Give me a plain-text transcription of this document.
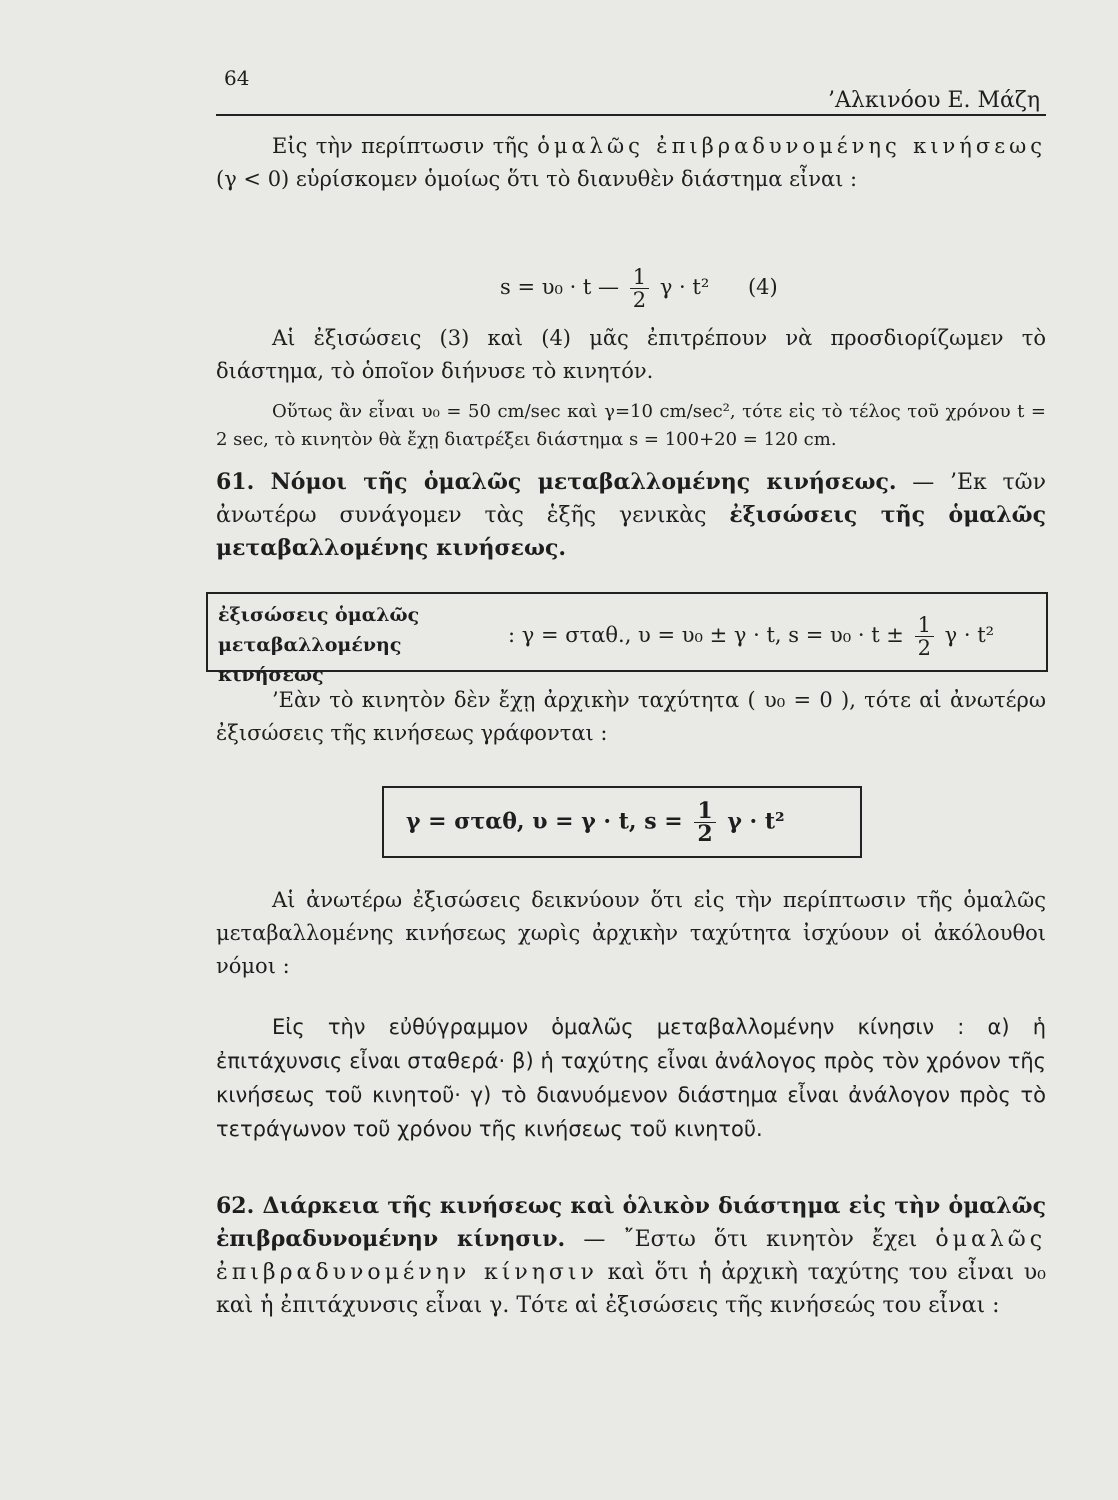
64
’Αλκινόου Ε. Μάζη
Εἰς τὴν περίπτωσιν τῆς ὁμαλῶς ἐπιβραδυνομένης κινήσεως (γ < 0) εὑρίσκομεν ὁμοίως ὅτι τὸ διανυθὲν διάστημα εἶναι :
s = υ₀ · t — $\frac{1}{2}$ γ · t² (4)
Αἱ ἐξισώσεις (3) καὶ (4) μᾶς ἐπιτρέπουν νὰ προσδιορίζωμεν τὸ διάστημα, τὸ ὁποῖον διήνυσε τὸ κινητόν.
Οὕτως ἂν εἶναι υ₀ = 50 cm/sec καὶ γ=10 cm/sec², τότε εἰς τὸ τέλος τοῦ χρόνου t = 2 sec, τὸ κινητὸν θὰ ἔχῃ διατρέξει διάστημα s = 100+20 = 120 cm.
61. Νόμοι τῆς ὁμαλῶς μεταβαλλομένης κινήσεως. — ’Εκ τῶν ἀνωτέρω συνάγομεν τὰς ἑξῆς γενικὰς ἐξισώσεις τῆς ὁμαλῶς μεταβαλλομένης κινήσεως.
ἐξισώσεις ὁμαλῶς μεταβαλλομένης κινήσεως
: γ = σταθ., υ = υ₀ ± γ · t, $s = \upsilon_0 \cdot t \pm \frac{1}{2}$ γ · t²
’Εὰν τὸ κινητὸν δὲν ἔχῃ ἀρχικὴν ταχύτητα ( υ₀ = 0 ), τότε αἱ ἀνωτέρω ἐξισώσεις τῆς κινήσεως γράφονται :
γ = σταθ, υ = γ · t, $s = \frac{1}{2}$ γ · t²
Αἱ ἀνωτέρω ἐξισώσεις δεικνύουν ὅτι εἰς τὴν περίπτωσιν τῆς ὁμαλῶς μεταβαλλομένης κινήσεως χωρὶς ἀρχικὴν ταχύτητα ἰσχύουν οἱ ἀκόλουθοι νόμοι :
Εἰς τὴν εὐθύγραμμον ὁμαλῶς μεταβαλλομένην κίνησιν : α) ἡ ἐπιτάχυνσις εἶναι σταθερά· β) ἡ ταχύτης εἶναι ἀνάλογος πρὸς τὸν χρόνον τῆς κινήσεως τοῦ κινητοῦ· γ) τὸ διανυόμενον διάστημα εἶναι ἀνάλογον πρὸς τὸ τετράγωνον τοῦ χρόνου τῆς κινήσεως τοῦ κινητοῦ.
62. Διάρκεια τῆς κινήσεως καὶ ὁλικὸν διάστημα εἰς τὴν ὁμαλῶς ἐπιβραδυνομένην κίνησιν. — ῎Εστω ὅτι κινητὸν ἔχει ὁμαλῶς ἐπιβραδυνομένην κίνησιν καὶ ὅτι ἡ ἀρχικὴ ταχύτης του εἶναι υ₀ καὶ ἡ ἐπιτάχυνσις εἶναι γ. Τότε αἱ ἐξισώσεις τῆς κινήσεώς του εἶναι :
